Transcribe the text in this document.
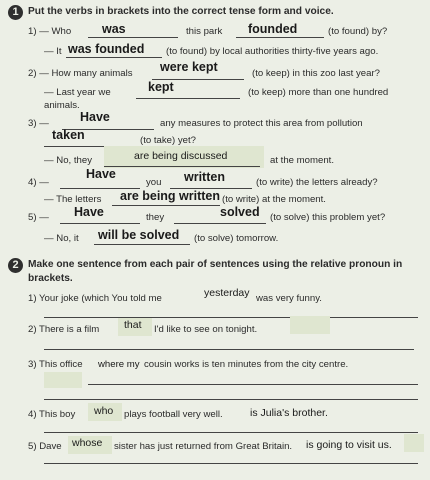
1 Put the verbs in brackets into the correct tense form and voice.
1) — Who was	this park founded	(to found) by?
— It was founded (to found) by local authorities thirty-five years ago.
2) — How many animals were kept	(to keep) in this zoo last year?
— Last year we	kept	(to keep) more than one hundred
animals.
3) — Have	any measures to protect this area from pollution
taken	(to take) yet?
— No, they	are being discussed	at the moment.
4) —
Have
you written	(to write) the letters already?
— The letters are being written (to write) at the moment.
5) — Have	they	solved (to solve) this problem yet?
— No, it will be solved (to solve) tomorrow.
2 Make one sentence from each pair of sentences using the relative pronoun in
brackets.
1) Your joke (which You told me	yesterday was very funny.
2) There is a film that I'd like to see on tonight.
3) This office where my cousin works is ten minutes from the city centre.
4) This boy who plays football very well.	is Julia's brother.
5) Dave whose sister has just returned from Great Britain. is going to visit us.
